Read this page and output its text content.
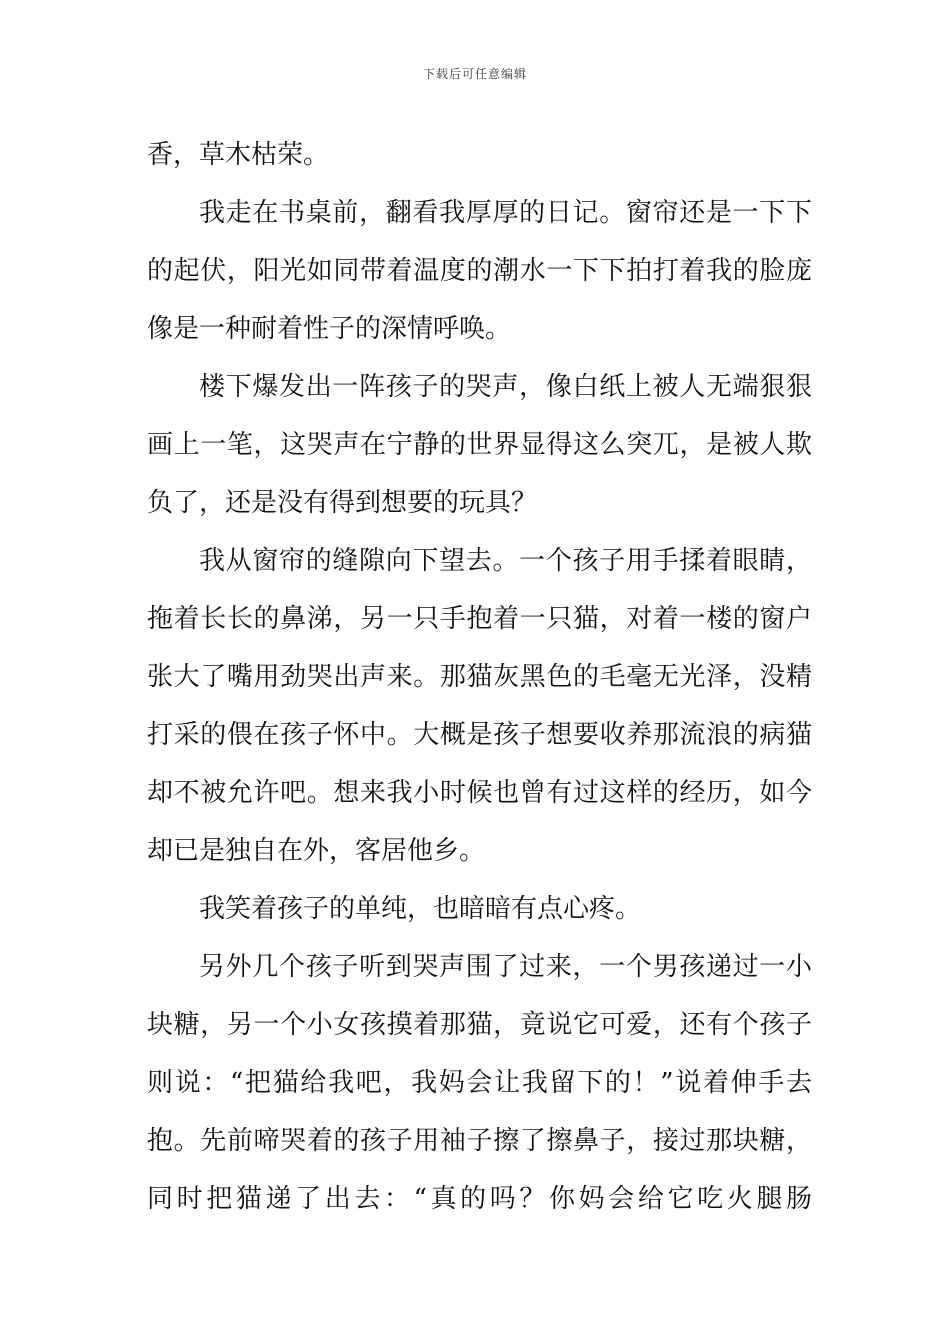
下载后可任意编辑
香，草木枯荣。
我走在书桌前，翻看我厚厚的日记。窗帘还是一下下
的起伏，阳光如同带着温度的潮水一下下拍打着我的脸庞
像是一种耐着性子的深情呼唤。
楼下爆发出一阵孩子的哭声，像白纸上被人无端狠狠
画上一笔，这哭声在宁静的世界显得这么突兀，是被人欺
负了，还是没有得到想要的玩具？
我从窗帘的缝隙向下望去。一个孩子用手揉着眼睛，
拖着长长的鼻涕，另一只手抱着一只猫，对着一楼的窗户
张大了嘴用劲哭出声来。那猫灰黑色的毛毫无光泽，没精
打采的偎在孩子怀中。大概是孩子想要收养那流浪的病猫
却不被允许吧。想来我小时候也曾有过这样的经历，如今
却已是独自在外，客居他乡。
我笑着孩子的单纯，也暗暗有点心疼。
另外几个孩子听到哭声围了过来，一个男孩递过一小
块糖，另一个小女孩摸着那猫，竟说它可爱，还有个孩子
则说：“把猫给我吧，我妈会让我留下的！”说着伸手去
抱。先前啼哭着的孩子用袖子擦了擦鼻子，接过那块糖，
同时把猫递了出去：“真的吗？你妈会给它吃火腿肠
